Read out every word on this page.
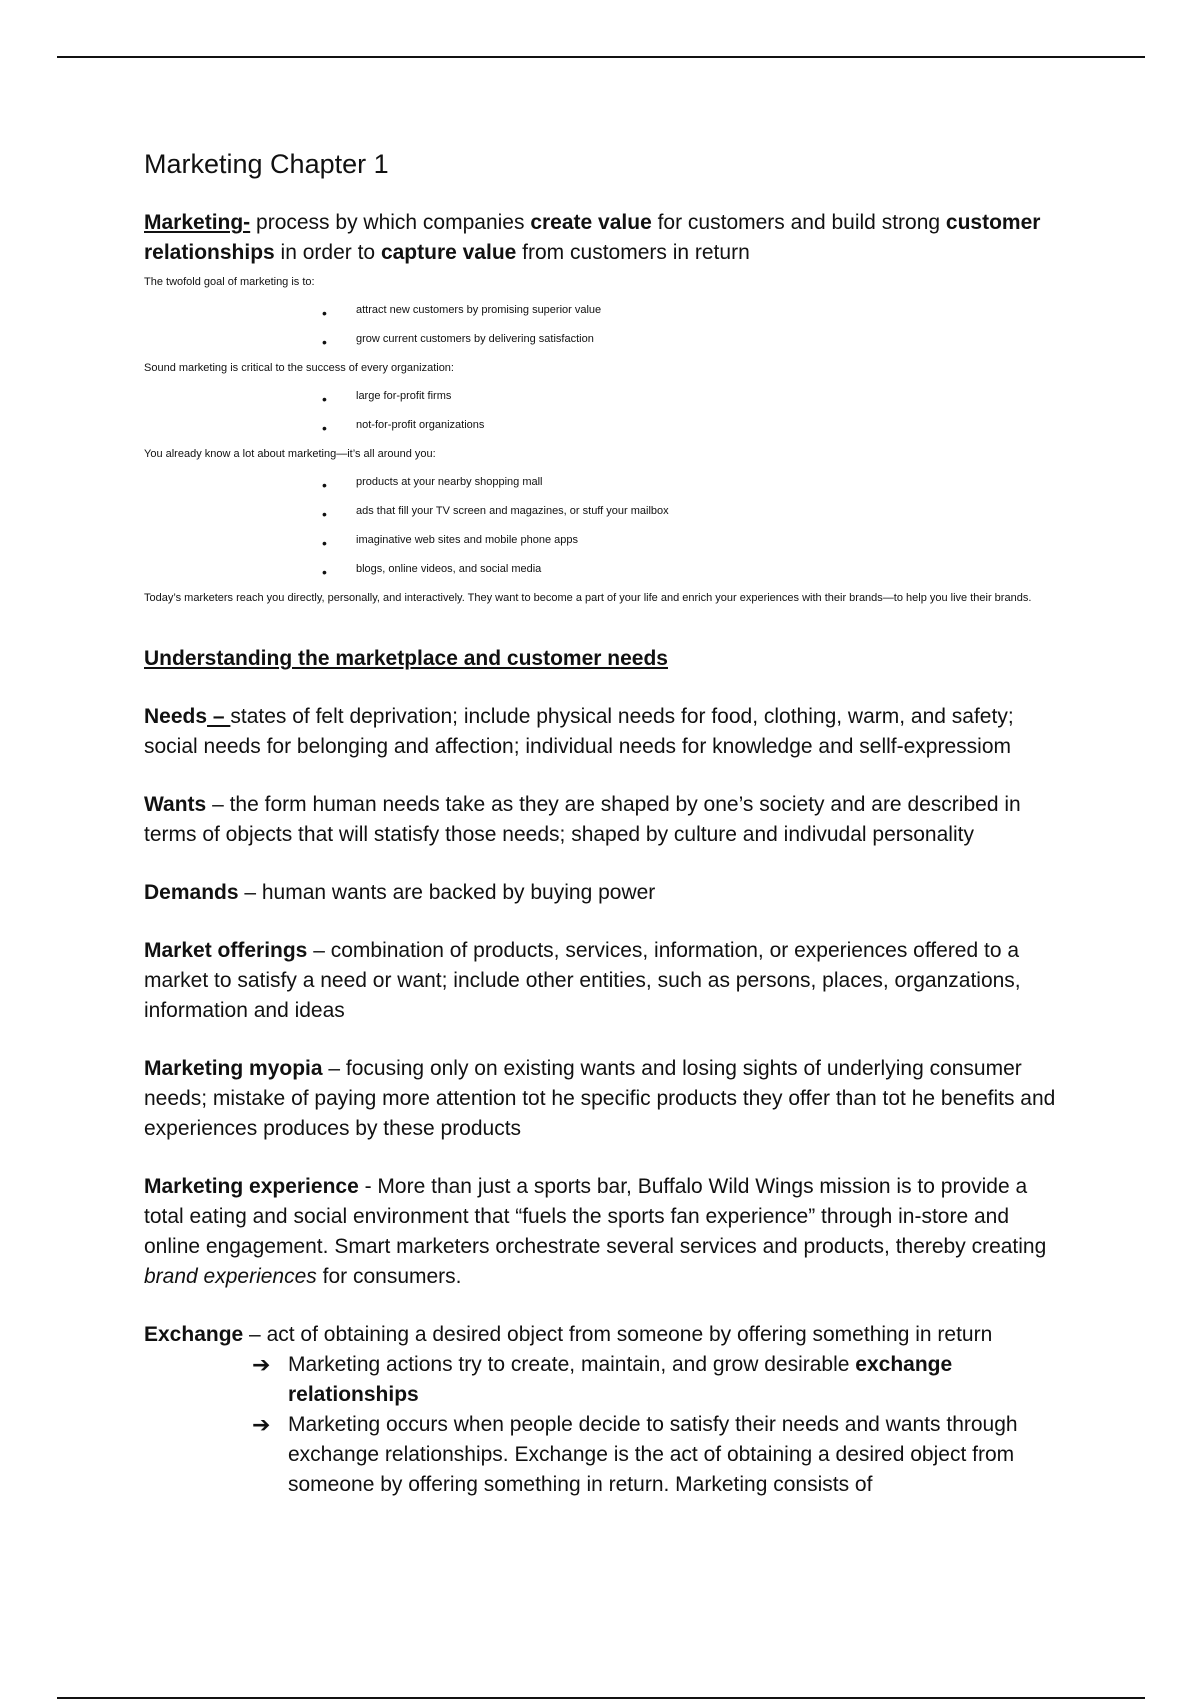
Marketing Chapter 1

Marketing- process by which companies create value for customers and build strong customer relationships in order to capture value from customers in return

The twofold goal of marketing is to:

•	attract new customers by promising superior value
•	grow current customers by delivering satisfaction

Sound marketing is critical to the success of every organization:

•	large for-profit firms
•	not-for-profit organizations

You already know a lot about marketing—it’s all around you:

•	products at your nearby shopping mall
•	ads that fill your TV screen and magazines, or stuff your mailbox
•	imaginative web sites and mobile phone apps
•	blogs, online videos, and social media

Today’s marketers reach you directly, personally, and interactively. They want to become a part of your life and enrich your experiences with their brands—to help you live their brands.

Understanding the marketplace and customer needs

Needs – states of felt deprivation; include physical needs for food, clothing, warm, and safety; social needs for belonging and affection; individual needs for knowledge and sellf-expressiom

Wants – the form human needs take as they are shaped by one’s society and are described in terms of objects that will statisfy those needs; shaped by culture and indivudal personality

Demands – human wants are backed by buying power

Market offerings – combination of products, services, information, or experiences offered to a market to satisfy a need or want; include other entities, such as persons, places, organzations, information and ideas

Marketing myopia – focusing only on existing wants and losing sights of underlying consumer needs; mistake of paying more attention tot he specific products they offer than tot he benefits and experiences produces by these products

Marketing experience - More than just a sports bar, Buffalo Wild Wings mission is to provide a total eating and social environment that “fuels the sports fan experience” through in-store and online engagement. Smart marketers orchestrate several services and products, thereby creating brand experiences for consumers.

Exchange – act of obtaining a desired object from someone by offering something in return

➔ Marketing actions try to create, maintain, and grow desirable exchange relationships
➔ Marketing occurs when people decide to satisfy their needs and wants through exchange relationships. Exchange is the act of obtaining a desired object from someone by offering something in return. Marketing consists of
